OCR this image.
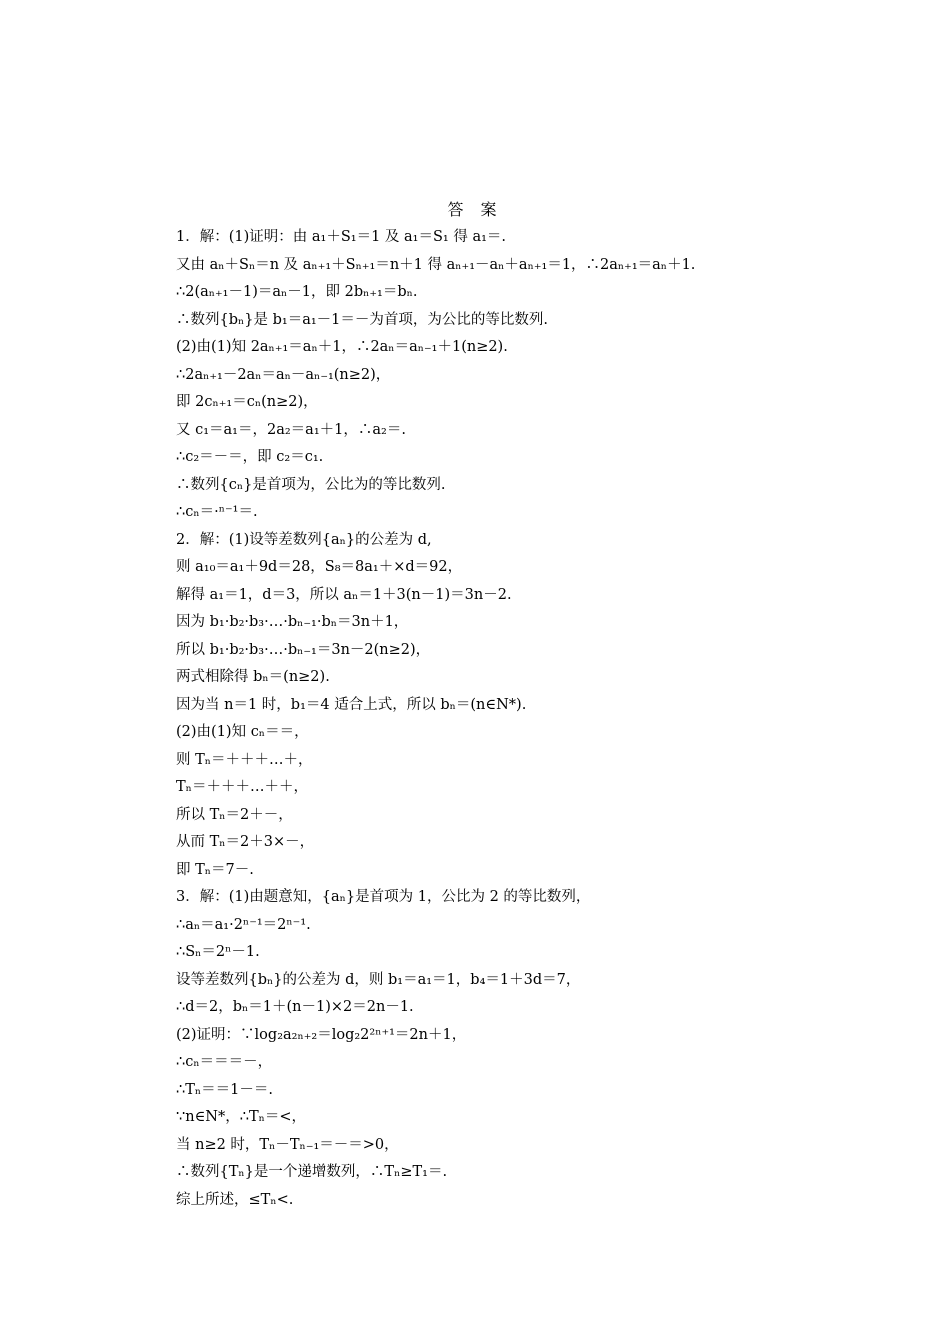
答 案
1．解：(1)证明：由 a₁＋S₁＝1 及 a₁＝S₁ 得 a₁＝.
又由 aₙ＋Sₙ＝n 及 aₙ₊₁＋Sₙ₊₁＝n＋1 得 aₙ₊₁－aₙ＋aₙ₊₁＝1，∴2aₙ₊₁＝aₙ＋1.
∴2(aₙ₊₁－1)＝aₙ－1，即 2bₙ₊₁＝bₙ.
∴数列{bₙ}是 b₁＝a₁－1＝－为首项，为公比的等比数列.
(2)由(1)知 2aₙ₊₁＝aₙ＋1，∴2aₙ＝aₙ₋₁＋1(n≥2).
∴2aₙ₊₁－2aₙ＝aₙ－aₙ₋₁(n≥2)，
即 2cₙ₊₁＝cₙ(n≥2)，
又 c₁＝a₁＝，2a₂＝a₁＋1，∴a₂＝.
∴c₂＝－＝，即 c₂＝c₁.
∴数列{cₙ}是首项为，公比为的等比数列.
∴cₙ＝·ⁿ⁻¹＝.
2．解：(1)设等差数列{aₙ}的公差为 d,
则 a₁₀＝a₁＋9d＝28，S₈＝8a₁＋×d＝92，
解得 a₁＝1，d＝3，所以 aₙ＝1＋3(n－1)＝3n－2.
因为 b₁·b₂·b₃·…·bₙ₋₁·bₙ＝3n＋1，
所以 b₁·b₂·b₃·…·bₙ₋₁＝3n－2(n≥2)，
两式相除得 bₙ＝(n≥2).
因为当 n＝1 时，b₁＝4 适合上式，所以 bₙ＝(n∈N*).
(2)由(1)知 cₙ＝＝，
则 Tₙ＝＋＋＋…＋，
Tₙ＝＋＋＋…＋＋，
所以 Tₙ＝2＋－，
从而 Tₙ＝2＋3×－，
即 Tₙ＝7－.
3．解：(1)由题意知，{aₙ}是首项为 1，公比为 2 的等比数列，
∴aₙ＝a₁·2ⁿ⁻¹＝2ⁿ⁻¹.
∴Sₙ＝2ⁿ－1.
设等差数列{bₙ}的公差为 d，则 b₁＝a₁＝1，b₄＝1＋3d＝7，
∴d＝2，bₙ＝1＋(n－1)×2＝2n－1.
(2)证明：∵log₂a₂ₙ₊₂＝log₂2²ⁿ⁺¹＝2n＋1，
∴cₙ＝＝＝－，
∴Tₙ＝＝1－＝.
∵n∈N*，∴Tₙ＝<，
当 n≥2 时，Tₙ－Tₙ₋₁＝－＝>0，
∴数列{Tₙ}是一个递增数列，∴Tₙ≥T₁＝.
综上所述，≤Tₙ<.
